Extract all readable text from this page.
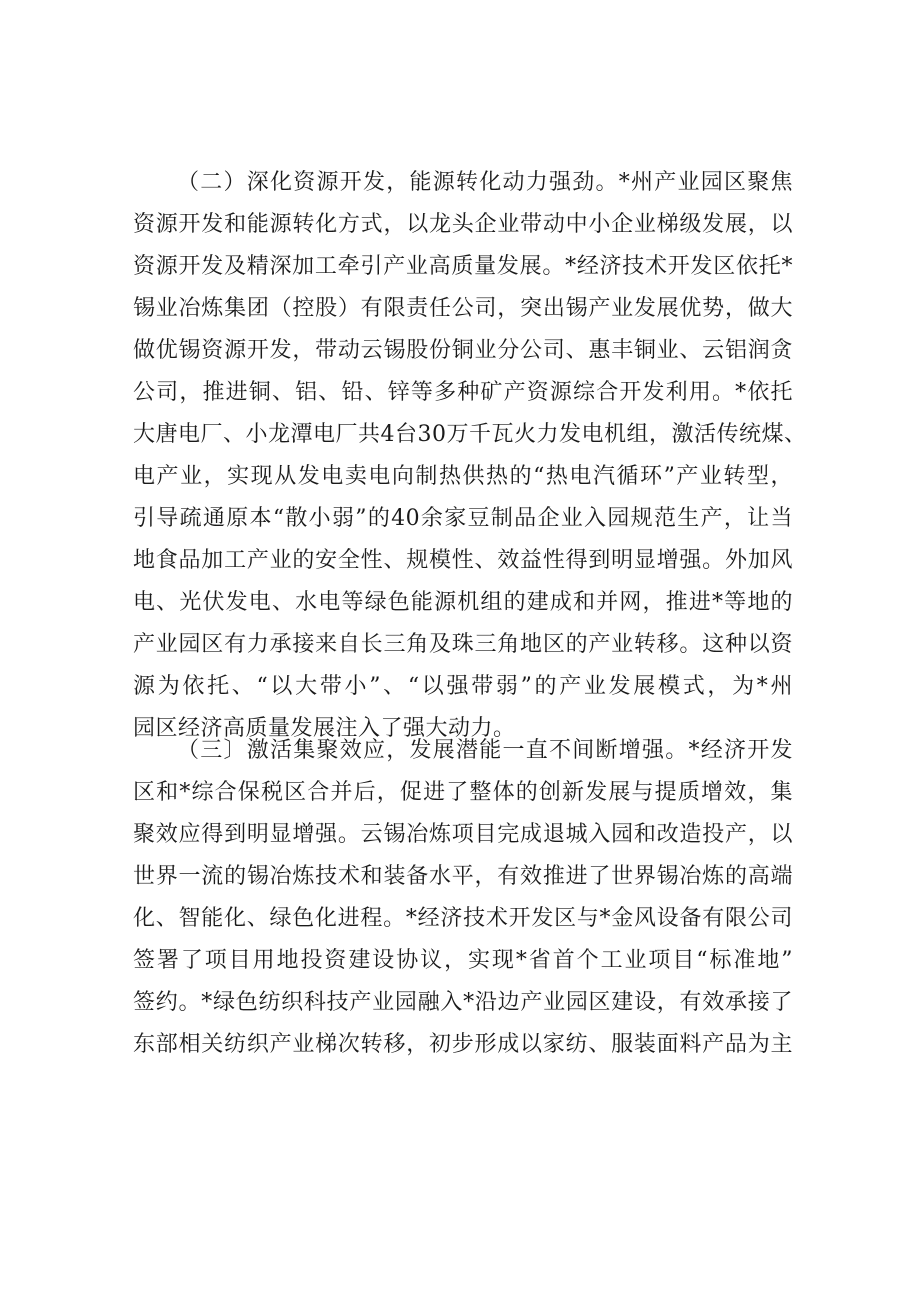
（二）深化资源开发，能源转化动力强劲。*州产业园区聚焦
资源开发和能源转化方式，以龙头企业带动中小企业梯级发展，以
资源开发及精深加工牵引产业高质量发展。*经济技术开发区依托*
锡业冶炼集团（控股）有限责任公司，突出锡产业发展优势，做大
做优锡资源开发，带动云锡股份铜业分公司、惠丰铜业、云铝润贪
公司，推进铜、铝、铅、锌等多种矿产资源综合开发利用。*依托
大唐电厂、小龙潭电厂共4台30万千瓦火力发电机组，激活传统煤、
电产业，实现从发电卖电向制热供热的“热电汽循环”产业转型，
引导疏通原本“散小弱”的40余家豆制品企业入园规范生产，让当
地食品加工产业的安全性、规模性、效益性得到明显增强。外加风
电、光伏发电、水电等绿色能源机组的建成和并网，推进*等地的
产业园区有力承接来自长三角及珠三角地区的产业转移。这种以资
源为依托、“以大带小”、“以强带弱”的产业发展模式，为*州
园区经济高质量发展注入了强大动力。
（三〕激活集聚效应，发展潜能一直不间断增强。*经济开发
区和*综合保税区合并后，促进了整体的创新发展与提质增效，集
聚效应得到明显增强。云锡冶炼项目完成退城入园和改造投产，以
世界一流的锡冶炼技术和装备水平，有效推进了世界锡冶炼的高端
化、智能化、绿色化进程。*经济技术开发区与*金风设备有限公司
签署了项目用地投资建设协议，实现*省首个工业项目“标准地”
签约。*绿色纺织科技产业园融入*沿边产业园区建设，有效承接了
东部相关纺织产业梯次转移，初步形成以家纺、服装面料产品为主
